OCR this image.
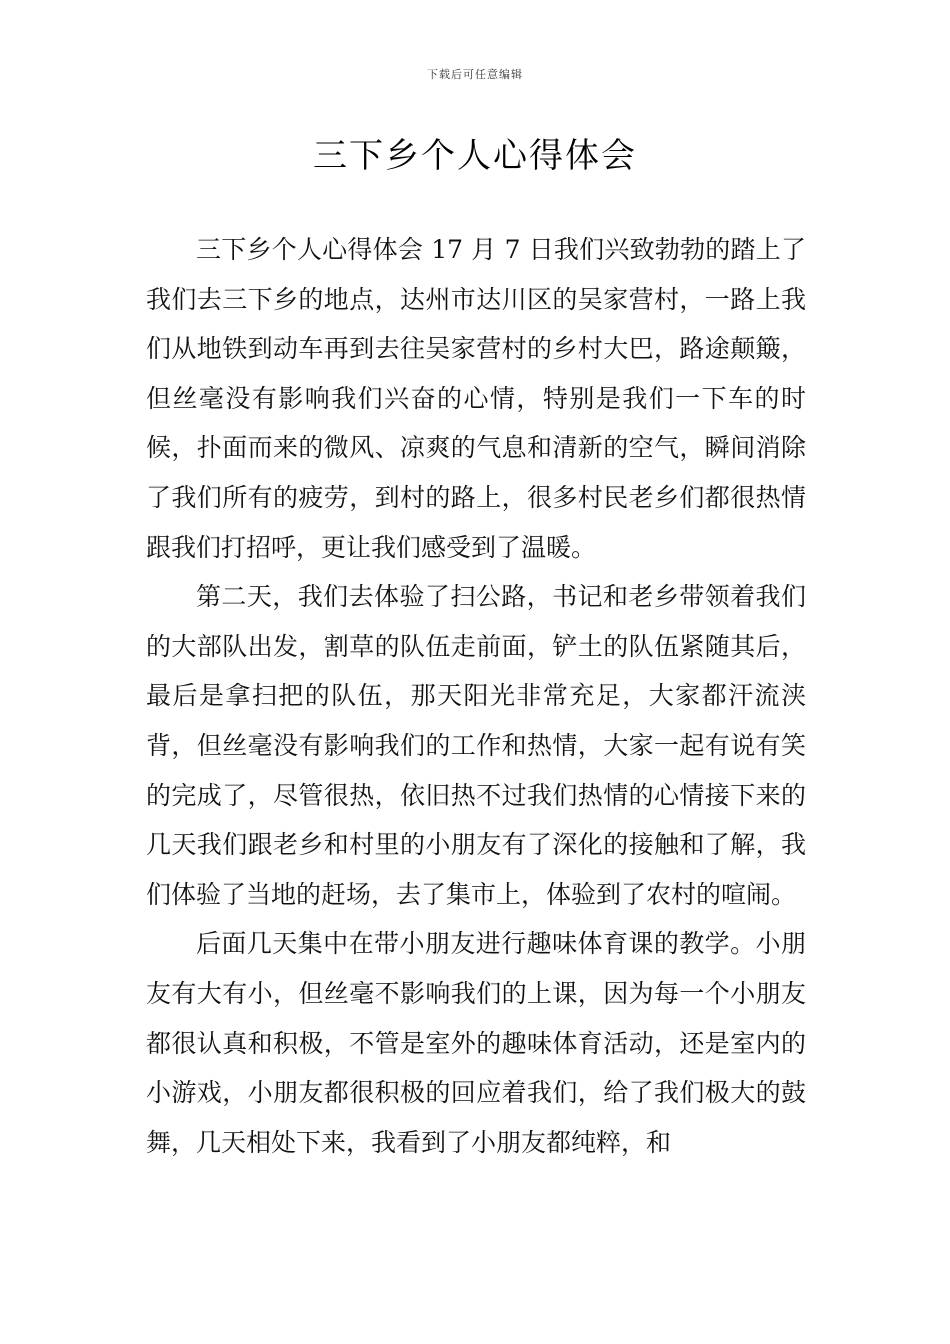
下载后可任意编辑
三下乡个人心得体会

三下乡个人心得体会 17 月 7 日我们兴致勃勃的踏上了我们去三下乡的地点，达州市达川区的吴家营村，一路上我们从地铁到动车再到去往吴家营村的乡村大巴，路途颠簸，但丝毫没有影响我们兴奋的心情，特别是我们一下车的时候，扑面而来的微风、凉爽的气息和清新的空气，瞬间消除了我们所有的疲劳，到村的路上，很多村民老乡们都很热情跟我们打招呼，更让我们感受到了温暖。

第二天，我们去体验了扫公路，书记和老乡带领着我们的大部队出发，割草的队伍走前面，铲土的队伍紧随其后，最后是拿扫把的队伍，那天阳光非常充足，大家都汗流浃背，但丝毫没有影响我们的工作和热情，大家一起有说有笑的完成了，尽管很热，依旧热不过我们热情的心情接下来的几天我们跟老乡和村里的小朋友有了深化的接触和了解，我们体验了当地的赶场，去了集市上，体验到了农村的喧闹。

后面几天集中在带小朋友进行趣味体育课的教学。小朋友有大有小，但丝毫不影响我们的上课，因为每一个小朋友都很认真和积极，不管是室外的趣味体育活动，还是室内的小游戏，小朋友都很积极的回应着我们，给了我们极大的鼓舞，几天相处下来，我看到了小朋友都纯粹，和
